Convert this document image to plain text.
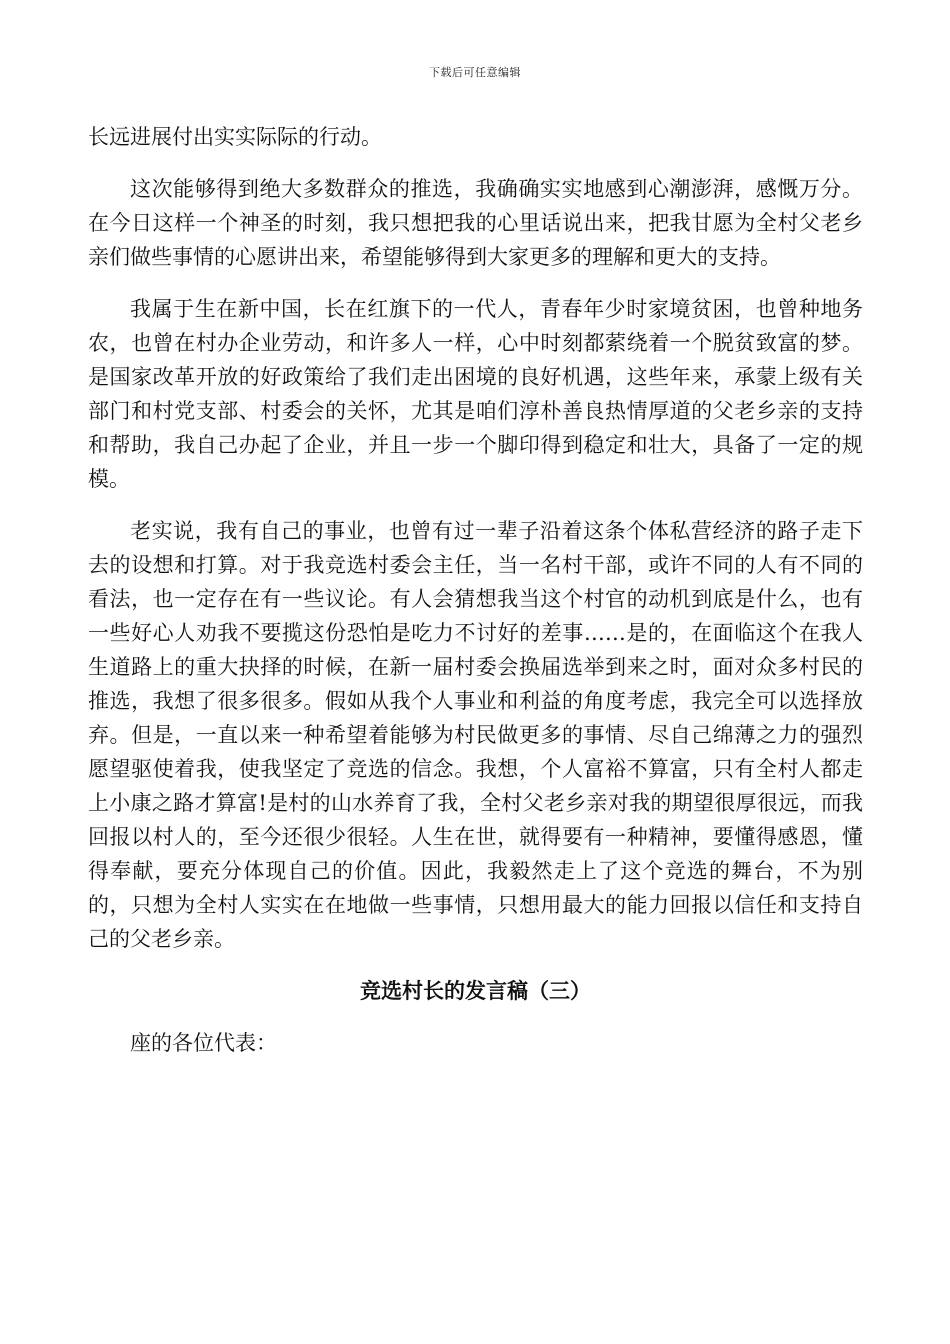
下载后可任意编辑

长远进展付出实实际际的行动。

这次能够得到绝大多数群众的推选，我确确实实地感到心潮澎湃，感慨万分。在今日这样一个神圣的时刻，我只想把我的心里话说出来，把我甘愿为全村父老乡亲们做些事情的心愿讲出来，希望能够得到大家更多的理解和更大的支持。

我属于生在新中国，长在红旗下的一代人，青春年少时家境贫困，也曾种地务农，也曾在村办企业劳动，和许多人一样，心中时刻都萦绕着一个脱贫致富的梦。是国家改革开放的好政策给了我们走出困境的良好机遇，这些年来，承蒙上级有关部门和村党支部、村委会的关怀，尤其是咱们淳朴善良热情厚道的父老乡亲的支持和帮助，我自己办起了企业，并且一步一个脚印得到稳定和壮大，具备了一定的规模。

老实说，我有自己的事业，也曾有过一辈子沿着这条个体私营经济的路子走下去的设想和打算。对于我竞选村委会主任，当一名村干部，或许不同的人有不同的看法，也一定存在有一些议论。有人会猜想我当这个村官的动机到底是什么，也有一些好心人劝我不要揽这份恐怕是吃力不讨好的差事……是的，在面临这个在我人生道路上的重大抉择的时候，在新一届村委会换届选举到来之时，面对众多村民的推选，我想了很多很多。假如从我个人事业和利益的角度考虑，我完全可以选择放弃。但是，一直以来一种希望着能够为村民做更多的事情、尽自己绵薄之力的强烈愿望驱使着我，使我坚定了竞选的信念。我想，个人富裕不算富，只有全村人都走上小康之路才算富!是村的山水养育了我，全村父老乡亲对我的期望很厚很远，而我回报以村人的，至今还很少很轻。人生在世，就得要有一种精神，要懂得感恩，懂得奉献，要充分体现自己的价值。因此，我毅然走上了这个竞选的舞台，不为别的，只想为全村人实实在在地做一些事情，只想用最大的能力回报以信任和支持自己的父老乡亲。

竞选村长的发言稿（三）

座的各位代表：
